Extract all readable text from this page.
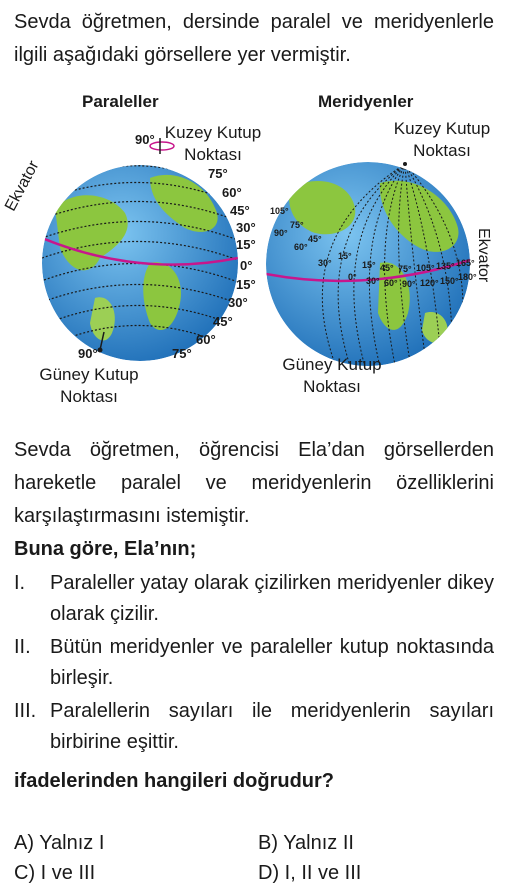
Sevda öğretmen, dersinde paralel ve meridyenlerle ilgili aşağıdaki görsellere yer vermiştir.
Paraleller	Meridyenler
90° Kuzey Kutup
Noktası
75°
60°
45°
30°
15°
0°
15°
30°
45°
60°
75°
90°
Güney Kutup
Noktası
Ekvator
Kuzey Kutup
Noktası
Güney Kutup
Noktası
Ekvator
105°
75°
45°
90°
60°
30°
15°
15° 45° 75° 105° 135° 165°
0° 30° 60° 90° 120° 150° 180°
Sevda öğretmen, öğrencisi Ela’dan görsellerden hareketle paralel ve meridyenlerin özelliklerini karşılaştırmasını istemiştir.
Buna göre, Ela’nın;
I. Paraleller yatay olarak çizilirken meridyenler dikey olarak çizilir.
II. Bütün meridyenler ve paraleller kutup noktasında birleşir.
III. Paralellerin sayıları ile meridyenlerin sayıları birbirine eşittir.
ifadelerinden hangileri doğrudur?
A) Yalnız I	B) Yalnız II
C) I ve III	D) I, II ve III
